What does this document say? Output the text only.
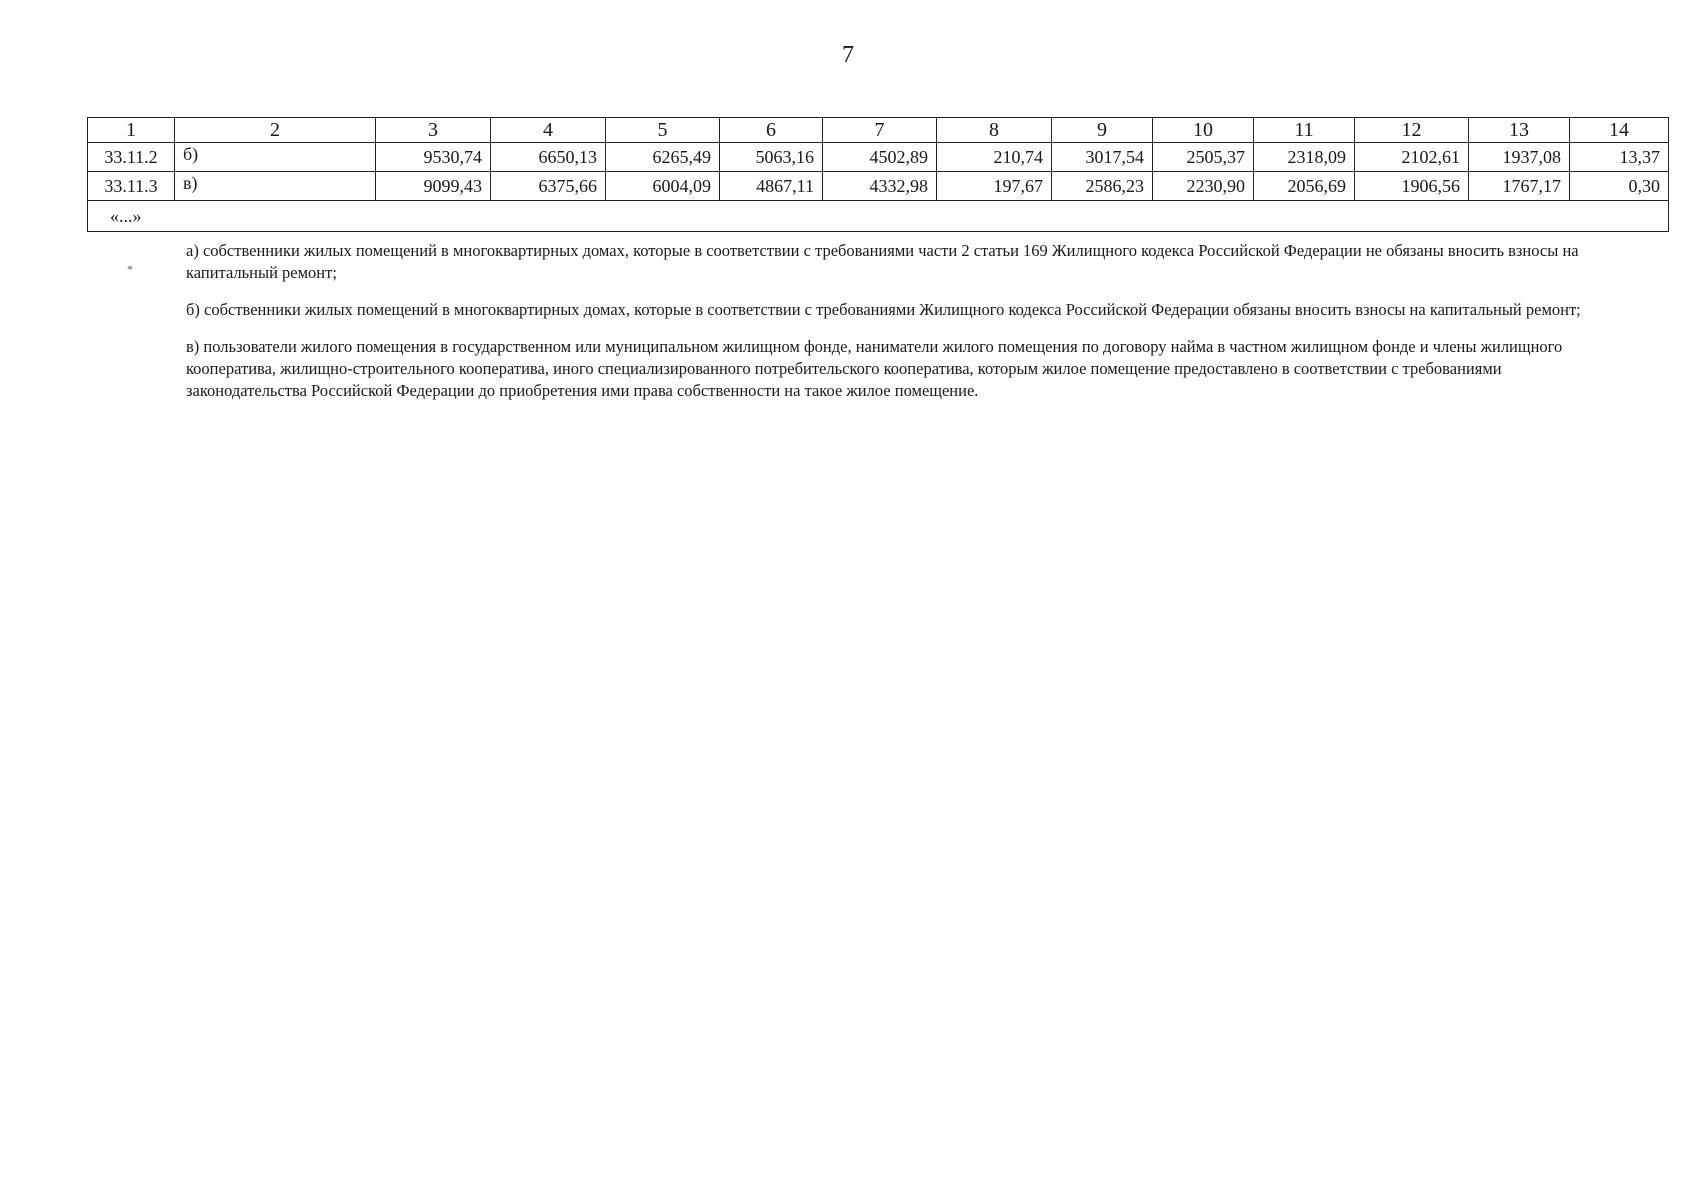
7
1	2	3	4	5	6	7	8	9	10	11	12	13	14
33.11.2	б)	9530,74	6650,13	6265,49	5063,16	4502,89	210,74	3017,54	2505,37	2318,09	2102,61	1937,08	13,37
33.11.3	в)	9099,43	6375,66	6004,09	4867,11	4332,98	197,67	2586,23	2230,90	2056,69	1906,56	1767,17	0,30
«...»													
*

а) собственники жилых помещений в многоквартирных домах, которые в соответствии с требованиями части 2 статьи 169 Жилищного кодекса Российской Федерации не обязаны вносить взносы на капитальный ремонт;

б) собственники жилых помещений в многоквартирных домах, которые в соответствии с требованиями Жилищного кодекса Российской Федерации обязаны вносить взносы на капитальный ремонт;

в) пользователи жилого помещения в государственном или муниципальном жилищном фонде, наниматели жилого помещения по договору найма в частном жилищном фонде и члены жилищного кооператива, жилищно-строительного кооператива, иного специализированного потребительского кооператива, которым жилое помещение предоставлено в соответствии с требованиями законодательства Российской Федерации до приобретения ими права собственности на такое жилое помещение.
